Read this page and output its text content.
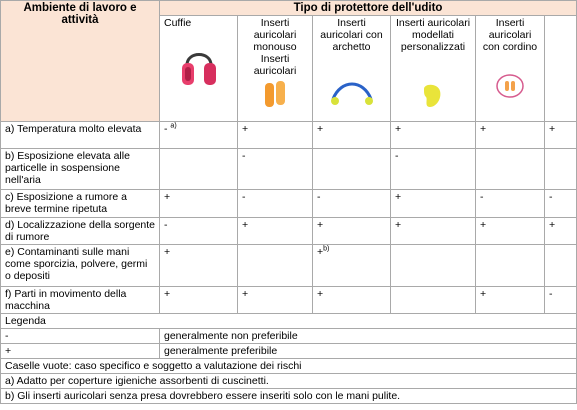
Ambiente di lavoro e attività	Tipo di protettore dell'udito					

	Cuffie	Inserti auricolari monouso Inserti auricolari	Inserti auricolari con archetto	Inserti auricolari modellati personalizzati	Inserti auricolari con cordino	

a) Temperatura molto elevata	- $^{a)}$	+	+	+	+	+
b) Esposizione elevata alle particelle in sospensione nell'aria		-		-		
c) Esposizione a rumore a breve termine ripetuta	+	-	-	+	-	-
d) Localizzazione della sorgente di rumore	-	+	+	+	+	+
e) Contaminanti sulle mani come sporcizia, polvere, germi o depositi	+		+$^{b)}$			
f) Parti in movimento della macchina	+	+	+		+	-
Legenda						
-	generalmente non preferibile					
+	generalmente preferibile					
Caselle vuote: caso specifico e soggetto a valutazione dei rischi						
a) Adatto per coperture igieniche assorbenti di cuscinetti.						
b) Gli inserti auricolari senza presa dovrebbero essere inseriti solo con le mani pulite.						
